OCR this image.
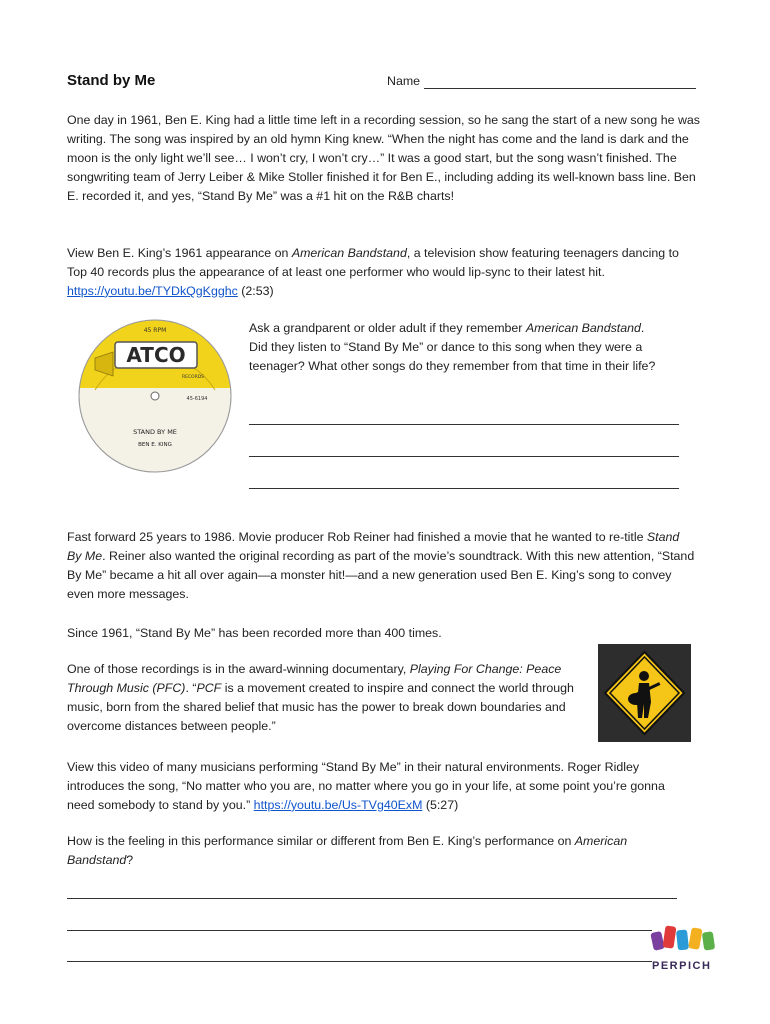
Stand by Me	Name

One day in 1961, Ben E. King had a little time left in a recording session, so he sang the start of a new song he was writing. The song was inspired by an old hymn King knew. “When the night has come and the land is dark and the moon is the only light we’ll see… I won’t cry, I won’t cry…” It was a good start, but the song wasn’t finished. The songwriting team of Jerry Leiber & Mike Stoller finished it for Ben E., including adding its well-known bass line. Ben E. recorded it, and yes, “Stand By Me” was a #1 hit on the R&B charts!

View Ben E. King’s 1961 appearance on American Bandstand, a television show featuring teenagers dancing to Top 40 records plus the appearance of at least one performer who would lip-sync to their latest hit. https://youtu.be/TYDkQgKgghc (2:53)

ATCO
45 RPM
RECORDS
45-6194
STAND BY ME
BEN E. KING

Ask a grandparent or older adult if they remember American Bandstand. Did they listen to “Stand By Me” or dance to this song when they were a teenager? What other songs do they remember from that time in their life?

Fast forward 25 years to 1986. Movie producer Rob Reiner had finished a movie that he wanted to re-title Stand By Me. Reiner also wanted the original recording as part of the movie’s soundtrack. With this new attention, “Stand By Me” became a hit all over again—a monster hit!—and a new generation used Ben E. King’s song to convey even more messages.

Since 1961, “Stand By Me” has been recorded more than 400 times.

One of those recordings is in the award-winning documentary, Playing For Change: Peace Through Music (PFC). “PCF is a movement created to inspire and connect the world through music, born from the shared belief that music has the power to break down boundaries and overcome distances between people.”

View this video of many musicians performing “Stand By Me” in their natural environments. Roger Ridley introduces the song, “No matter who you are, no matter where you go in your life, at some point you’re gonna need somebody to stand by you.” https://youtu.be/Us-TVg40ExM (5:27)

How is the feeling in this performance similar or different from Ben E. King’s performance on American Bandstand?

PERPICH
